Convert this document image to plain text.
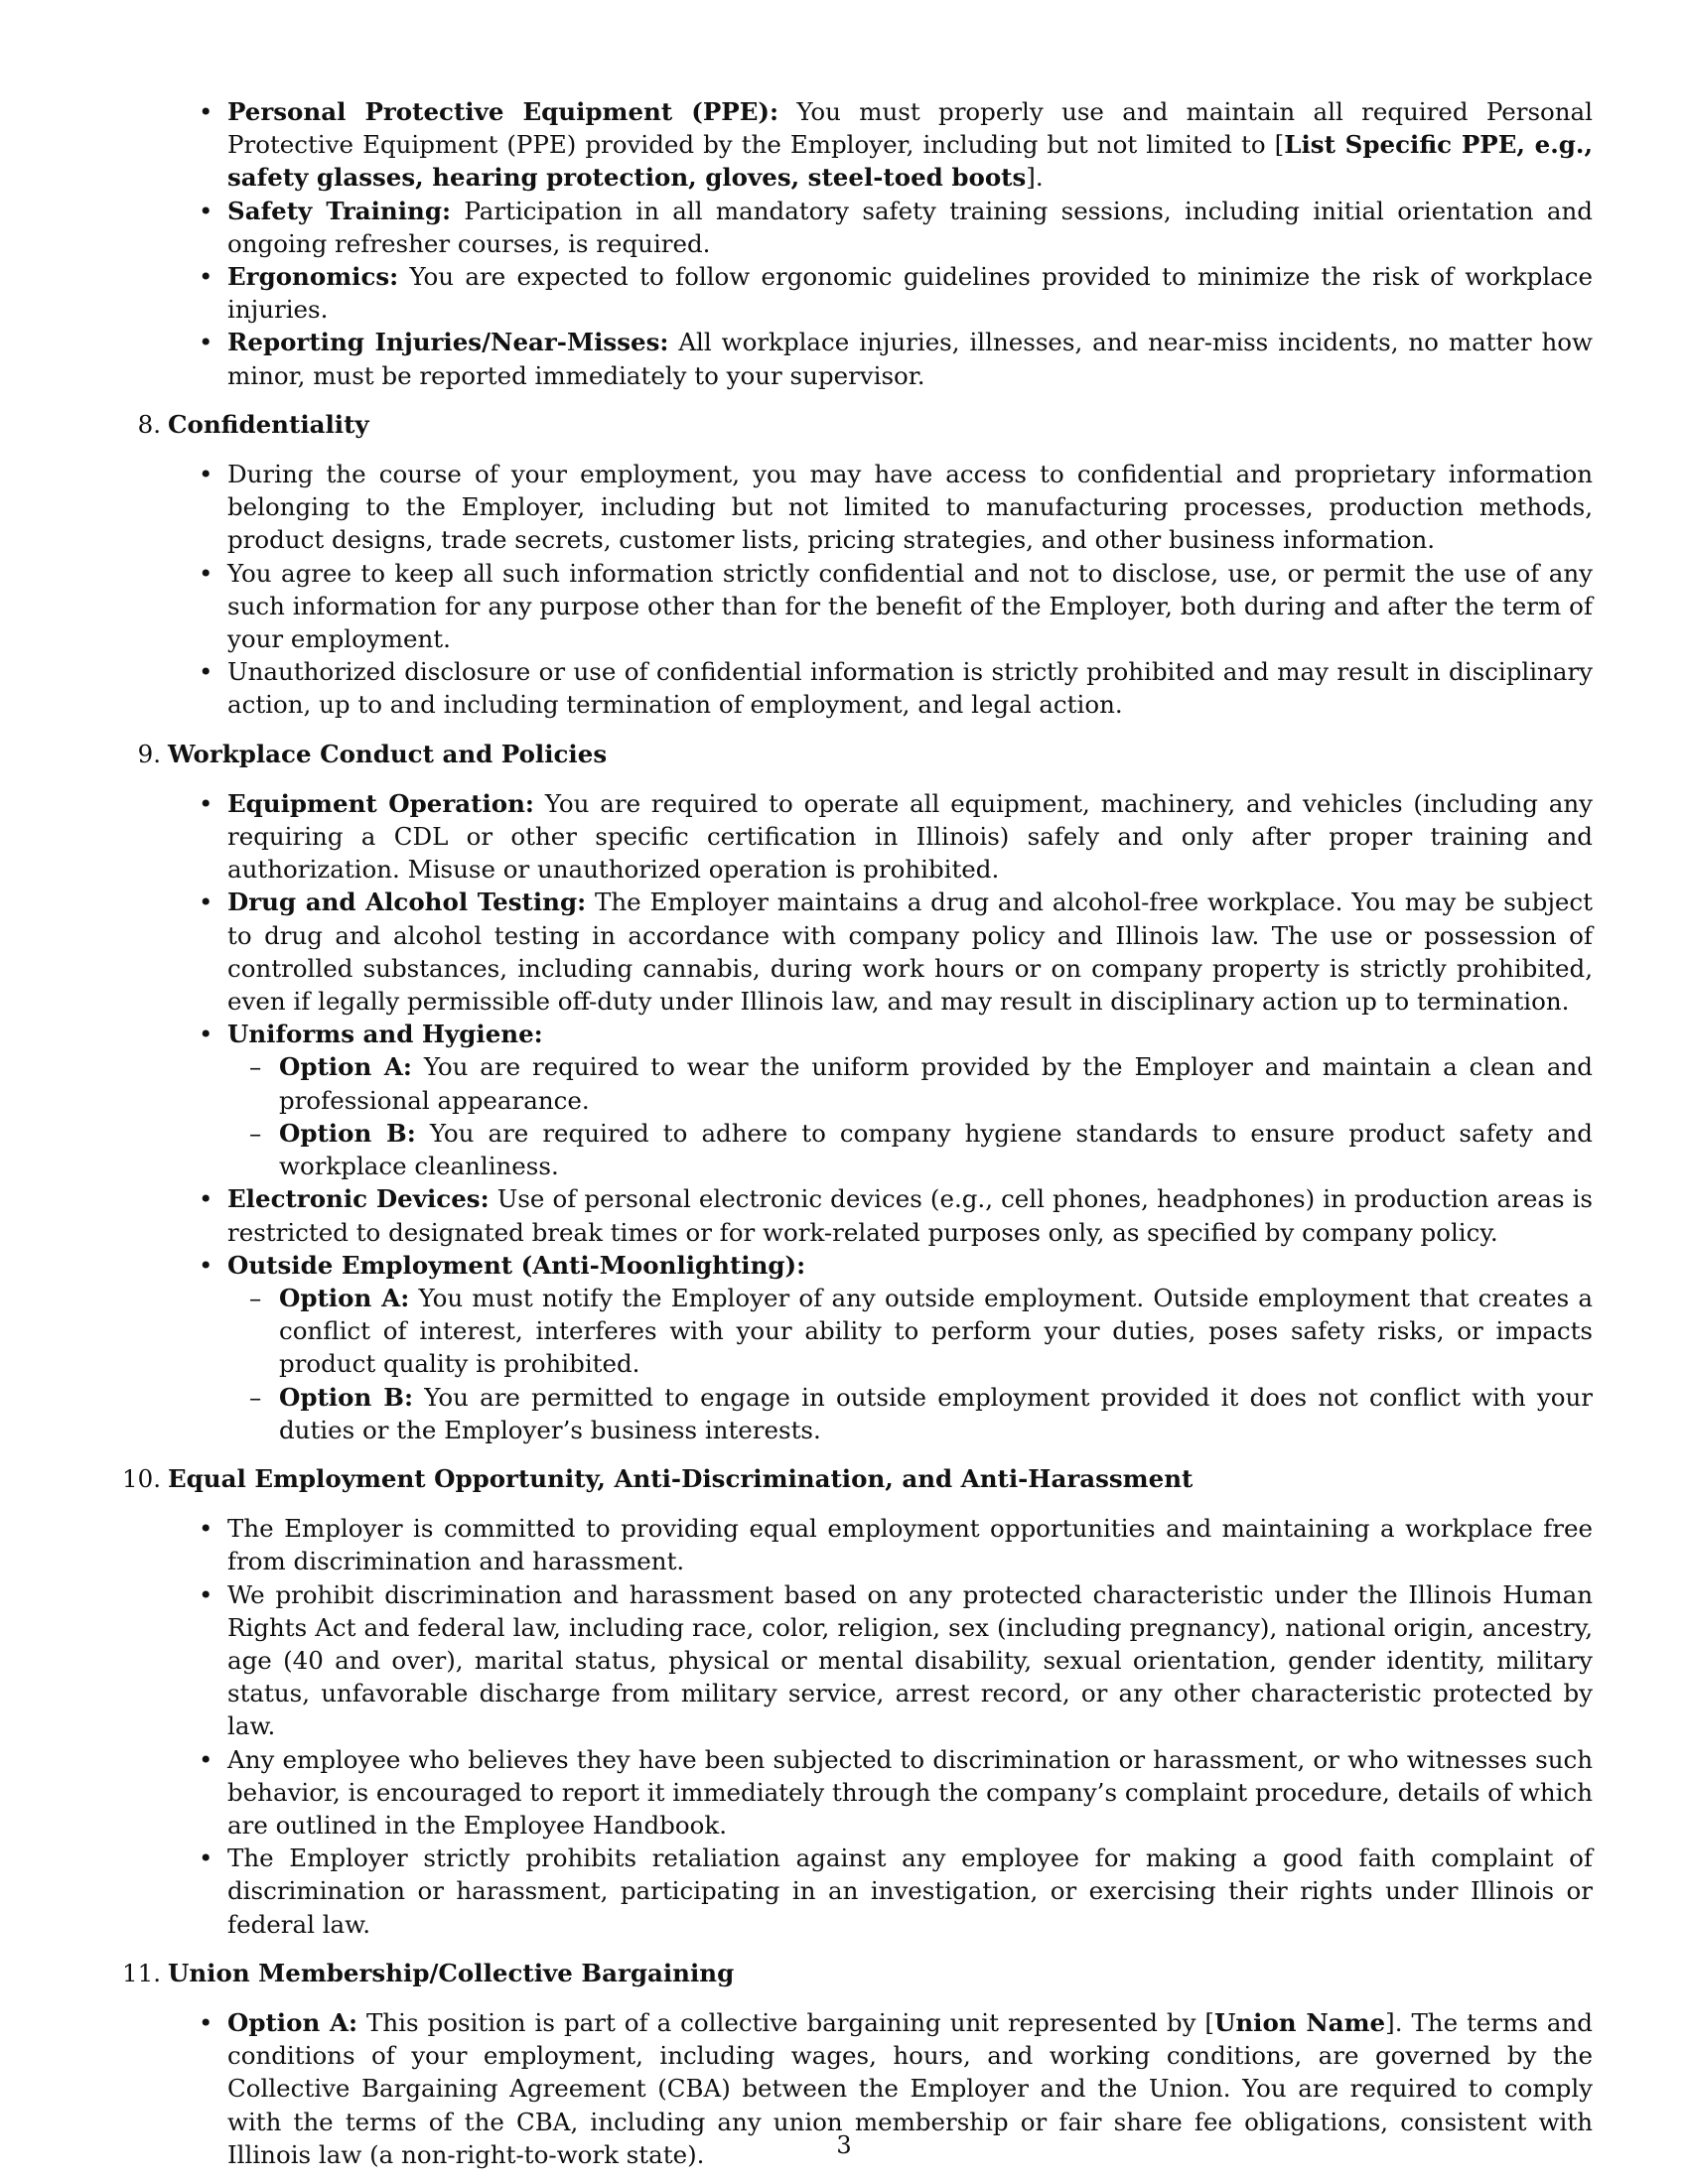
• Personal Protective Equipment (PPE): You must properly use and maintain all required Personal Protective Equipment (PPE) provided by the Employer, including but not limited to [List Specific PPE, e.g., safety glasses, hearing protection, gloves, steel-toed boots].
• Safety Training: Participation in all mandatory safety training sessions, including initial orientation and ongoing refresher courses, is required.
• Ergonomics: You are expected to follow ergonomic guidelines provided to minimize the risk of workplace injuries.
• Reporting Injuries/Near-Misses: All workplace injuries, illnesses, and near-miss incidents, no matter how minor, must be reported immediately to your supervisor.
8. Confidentiality
• During the course of your employment, you may have access to confidential and proprietary information belonging to the Employer, including but not limited to manufacturing processes, production methods, product designs, trade secrets, customer lists, pricing strategies, and other business information.
• You agree to keep all such information strictly confidential and not to disclose, use, or permit the use of any such information for any purpose other than for the benefit of the Employer, both during and after the term of your employment.
• Unauthorized disclosure or use of confidential information is strictly prohibited and may result in disciplinary action, up to and including termination of employment, and legal action.
9. Workplace Conduct and Policies
• Equipment Operation: You are required to operate all equipment, machinery, and vehicles (including any requiring a CDL or other specific certification in Illinois) safely and only after proper training and authorization. Misuse or unauthorized operation is prohibited.
• Drug and Alcohol Testing: The Employer maintains a drug and alcohol-free workplace. You may be subject to drug and alcohol testing in accordance with company policy and Illinois law. The use or possession of controlled substances, including cannabis, during work hours or on company property is strictly prohibited, even if legally permissible off-duty under Illinois law, and may result in disciplinary action up to termination.
• Uniforms and Hygiene:
– Option A: You are required to wear the uniform provided by the Employer and maintain a clean and professional appearance.
– Option B: You are required to adhere to company hygiene standards to ensure product safety and workplace cleanliness.
• Electronic Devices: Use of personal electronic devices (e.g., cell phones, headphones) in production areas is restricted to designated break times or for work-related purposes only, as specified by company policy.
• Outside Employment (Anti-Moonlighting):
– Option A: You must notify the Employer of any outside employment. Outside employment that creates a conflict of interest, interferes with your ability to perform your duties, poses safety risks, or impacts product quality is prohibited.
– Option B: You are permitted to engage in outside employment provided it does not conflict with your duties or the Employer’s business interests.
10. Equal Employment Opportunity, Anti-Discrimination, and Anti-Harassment
• The Employer is committed to providing equal employment opportunities and maintaining a workplace free from discrimination and harassment.
• We prohibit discrimination and harassment based on any protected characteristic under the Illinois Human Rights Act and federal law, including race, color, religion, sex (including pregnancy), national origin, ancestry, age (40 and over), marital status, physical or mental disability, sexual orientation, gender identity, military status, unfavorable discharge from military service, arrest record, or any other characteristic protected by law.
• Any employee who believes they have been subjected to discrimination or harassment, or who witnesses such behavior, is encouraged to report it immediately through the company’s complaint procedure, details of which are outlined in the Employee Handbook.
• The Employer strictly prohibits retaliation against any employee for making a good faith complaint of discrimination or harassment, participating in an investigation, or exercising their rights under Illinois or federal law.
11. Union Membership/Collective Bargaining
• Option A: This position is part of a collective bargaining unit represented by [Union Name]. The terms and conditions of your employment, including wages, hours, and working conditions, are governed by the Collective Bargaining Agreement (CBA) between the Employer and the Union. You are required to comply with the terms of the CBA, including any union membership or fair share fee obligations, consistent with Illinois law (a non-right-to-work state).	3
